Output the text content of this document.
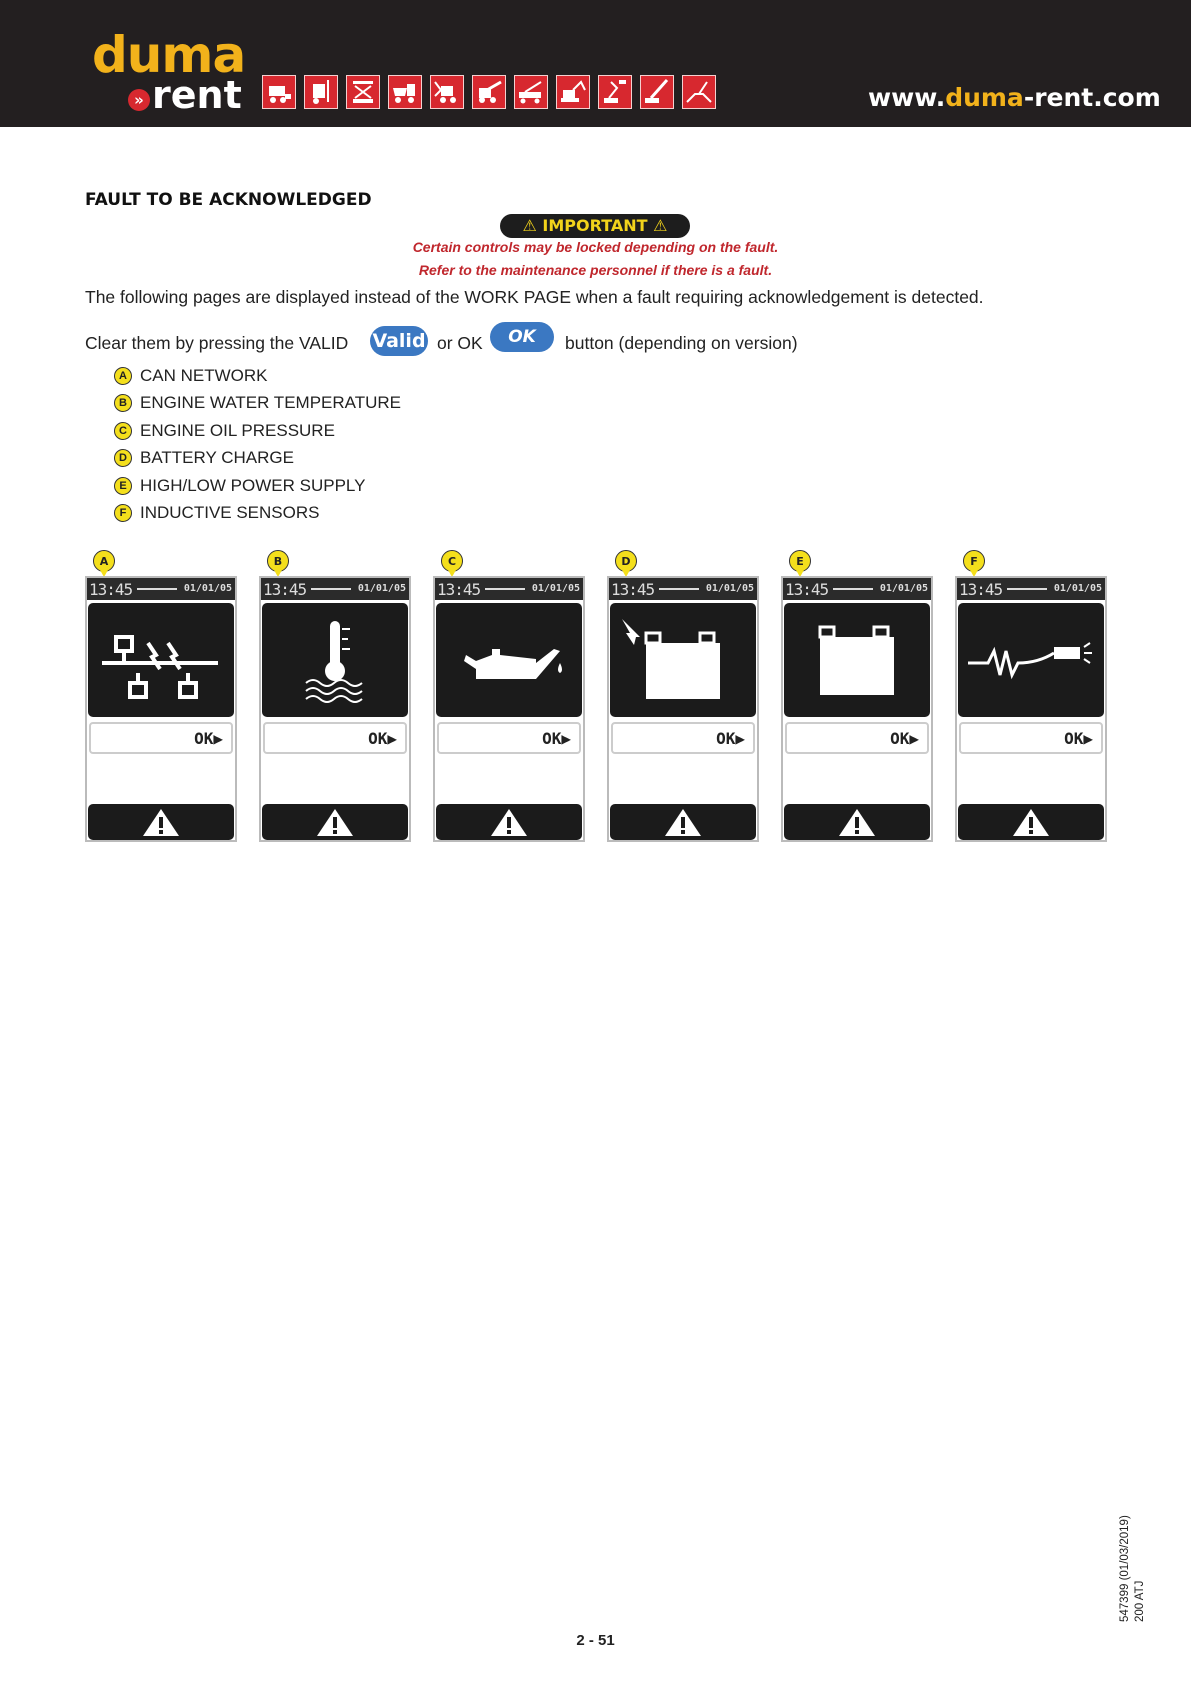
duma
» rent	www.duma-rent.com
FAULT TO BE ACKNOWLEDGED
⚠ IMPORTANT ⚠
Certain controls may be locked depending on the fault.
Refer to the maintenance personnel if there is a fault.
The following pages are displayed instead of the WORK PAGE when a fault requiring acknowledgement is detected.
Clear them by pressing the VALID Valid or OK	OK	button (depending on version)
A CAN NETWORK
B ENGINE WATER TEMPERATURE
C ENGINE OIL PRESSURE
D BATTERY CHARGE
E HIGH/LOW POWER SUPPLY
F INDUCTIVE SENSORS
A
13:45	01/01/05
OK▶
B
13:45	01/01/05
OK▶
C
13:45	01/01/05
OK▶
D
13:45	01/01/05
OK▶
E
13:45	01/01/05
OK▶
F
13:45	01/01/05
OK▶
547399 (01/03/2019) 200 ATJ
2 - 51
